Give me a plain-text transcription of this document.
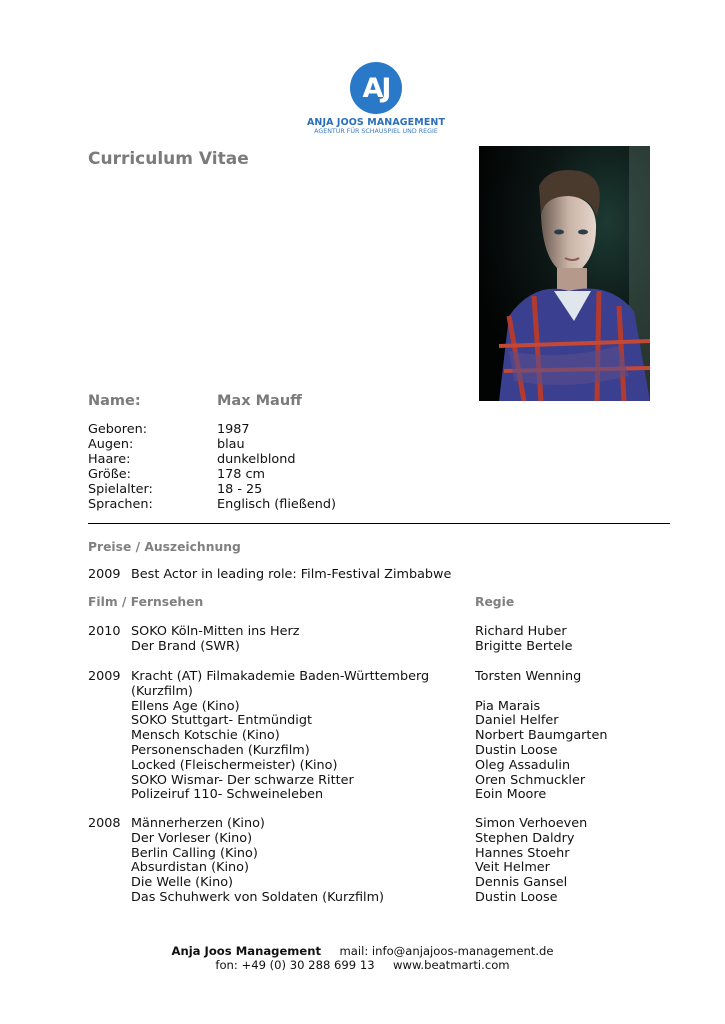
AJ
ANJA JOOS MANAGEMENT
AGENTUR FÜR SCHAUSPIEL UND REGIE
Curriculum Vitae
Name:	Max Mauff
Geboren:	1987
Augen:	blau
Haare:	dunkelblond
Größe:	178 cm
Spielalter:	18 - 25
Sprachen:	Englisch (fließend)
Preise / Auszeichnung
2009 Best Actor in leading role: Film-Festival Zimbabwe
Film / Fernsehen	Regie
2010 SOKO Köln-Mitten ins Herz	Richard Huber
Der Brand (SWR)	Brigitte Bertele
2009 Kracht (AT) Filmakademie Baden-Württemberg	Torsten Wenning
(Kurzfilm)
Ellens Age (Kino)	Pia Marais
SOKO Stuttgart- Entmündigt	Daniel Helfer
Mensch Kotschie (Kino)	Norbert Baumgarten
Personenschaden (Kurzfilm)	Dustin Loose
Locked (Fleischermeister) (Kino)	Oleg Assadulin
SOKO Wismar- Der schwarze Ritter	Oren Schmuckler
Polizeiruf 110- Schweineleben	Eoin Moore
2008 Männerherzen (Kino)	Simon Verhoeven
Der Vorleser (Kino)	Stephen Daldry
Berlin Calling (Kino)	Hannes Stoehr
Absurdistan (Kino)	Veit Helmer
Die Welle (Kino)	Dennis Gansel
Das Schuhwerk von Soldaten (Kurzfilm)	Dustin Loose
Anja Joos Management mail: info@anjajoos-management.de
fon: +49 (0) 30 288 699 13 www.beatmarti.com
